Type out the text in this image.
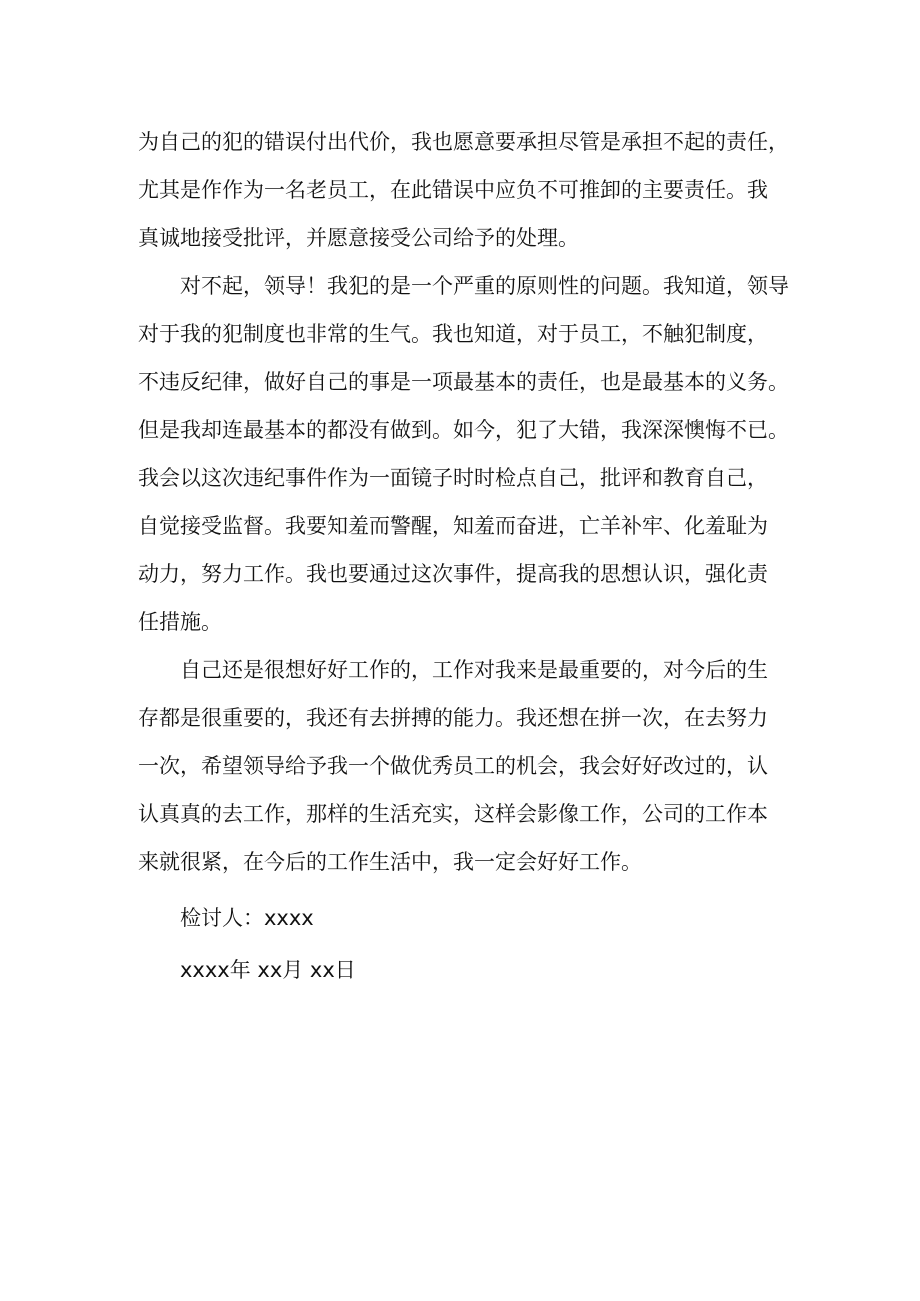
为自己的犯的错误付出代价，我也愿意要承担尽管是承担不起的责任，
尤其是作作为一名老员工，在此错误中应负不可推卸的主要责任。我
真诚地接受批评，并愿意接受公司给予的处理。
对不起，领导！我犯的是一个严重的原则性的问题。我知道，领导
对于我的犯制度也非常的生气。我也知道，对于员工，不触犯制度，
不违反纪律，做好自己的事是一项最基本的责任，也是最基本的义务。
但是我却连最基本的都没有做到。如今，犯了大错，我深深懊悔不已。
我会以这次违纪事件作为一面镜子时时检点自己，批评和教育自己，
自觉接受监督。我要知羞而警醒，知羞而奋进，亡羊补牢、化羞耻为
动力，努力工作。我也要通过这次事件，提高我的思想认识，强化责
任措施。
自己还是很想好好工作的，工作对我来是最重要的，对今后的生
存都是很重要的，我还有去拼搏的能力。我还想在拼一次，在去努力
一次，希望领导给予我一个做优秀员工的机会，我会好好改过的，认
认真真的去工作，那样的生活充实，这样会影像工作，公司的工作本
来就很紧，在今后的工作生活中，我一定会好好工作。
检讨人：xxxx
xxxx年 xx月 xx日
